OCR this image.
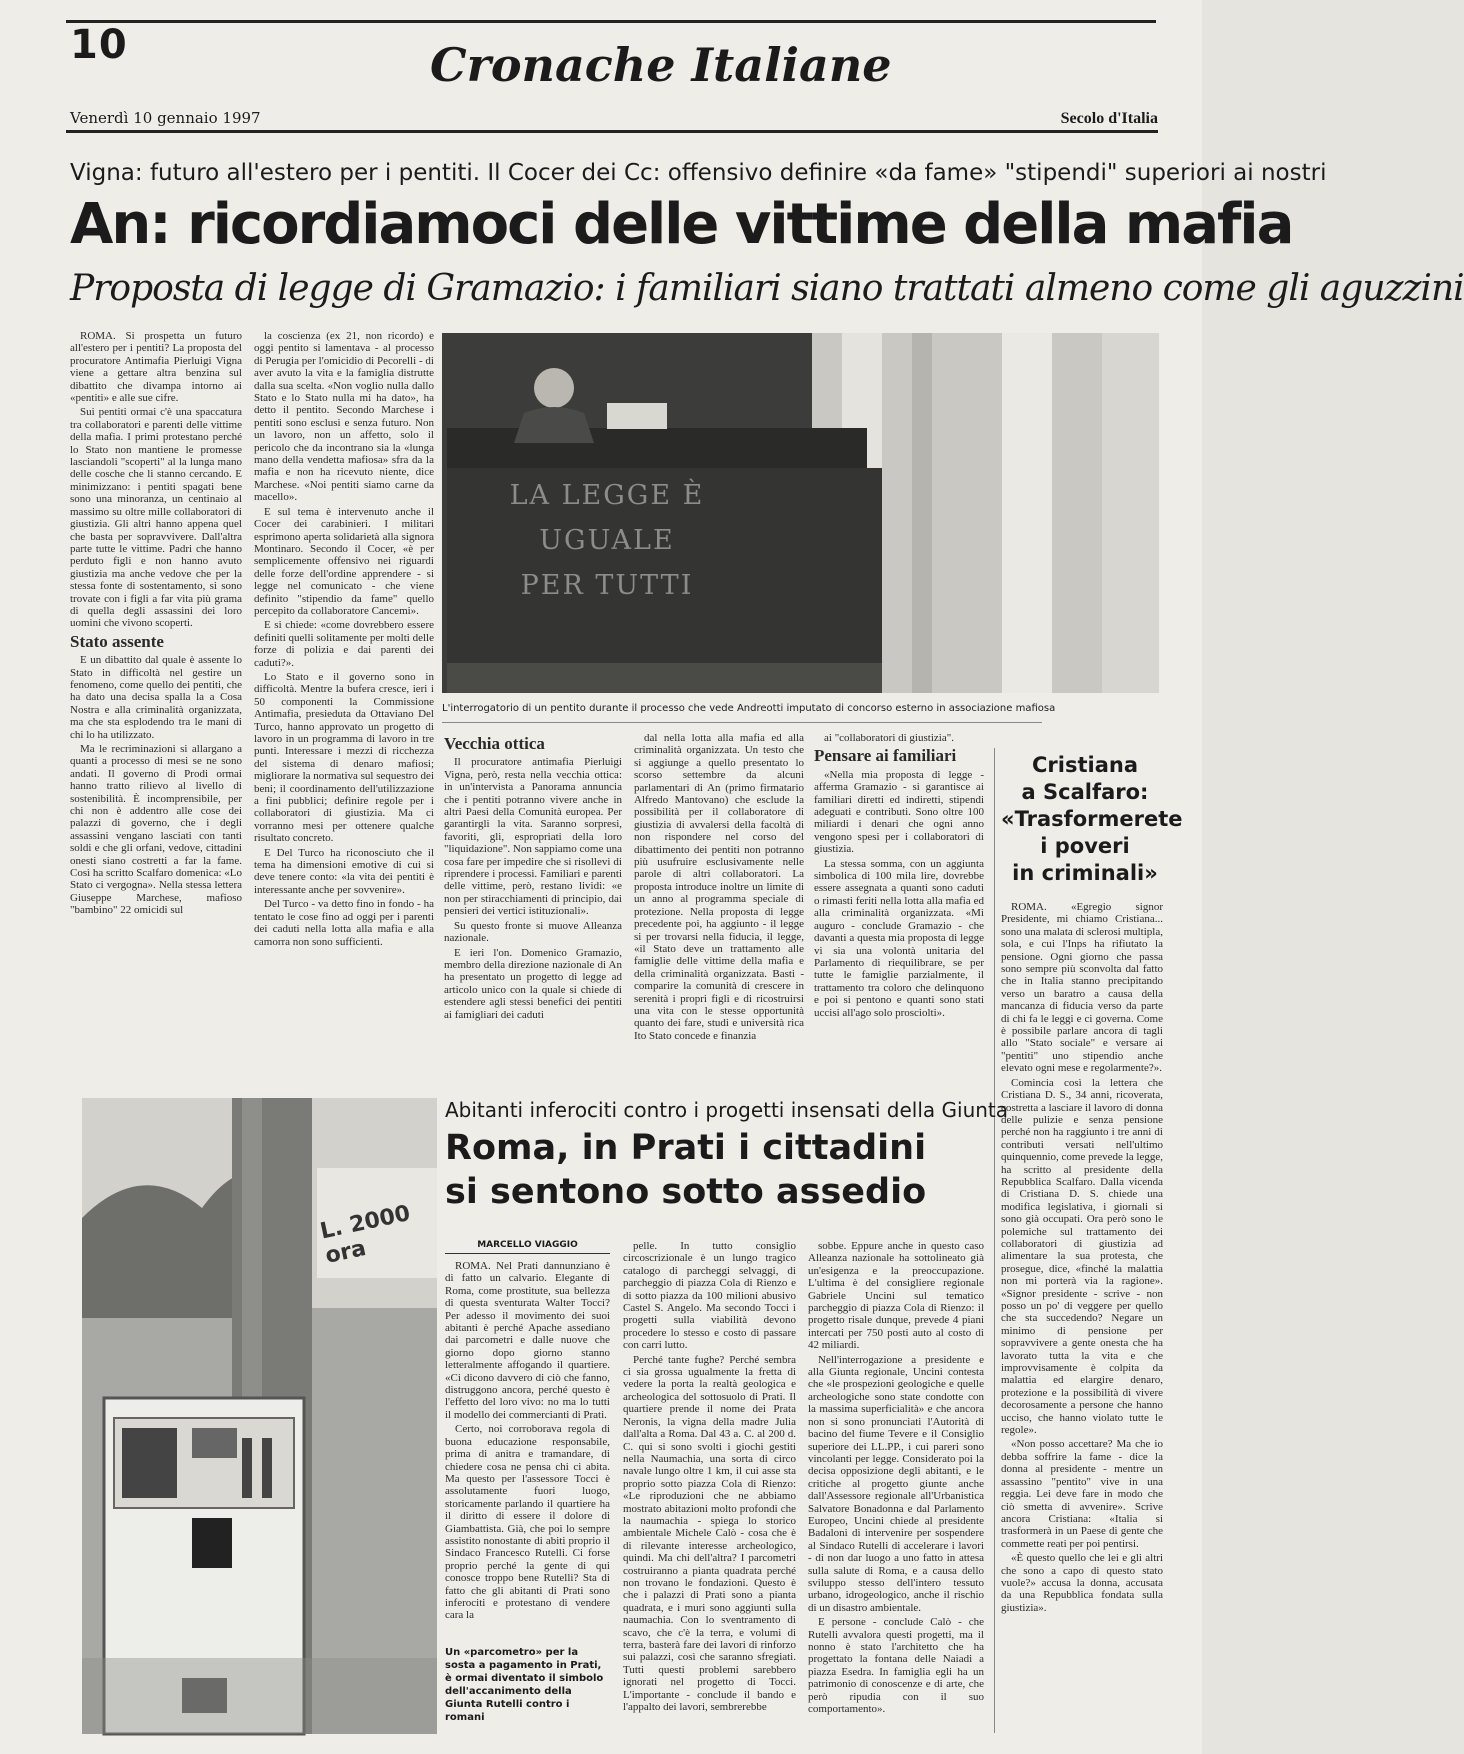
10	Cronache Italiane
Venerdì 10 gennaio 1997	Secolo d'Italia
Vigna: futuro all'estero per i pentiti. Il Cocer dei Cc: offensivo definire «da fame» "stipendi" superiori ai nostri
An: ricordiamoci delle vittime della mafia
Proposta di legge di Gramazio: i familiari siano trattati almeno come gli aguzzini

ROMA. Si prospetta un futuro all'estero per i pentiti? La proposta del procuratore Antimafia Pierluigi Vigna viene a gettare altra benzina sul dibattito che divampa intorno ai «pentiti» e alle sue cifre.

Sui pentiti ormai c'è una spaccatura tra collaboratori e parenti delle vittime della mafia. I primi protestano perché lo Stato non mantiene le promesse lasciandoli "scoperti" al la lunga mano delle cosche che li stanno cercando. E minimizzano: i pentiti spagati bene sono una minoranza, un centinaio al massimo su oltre mille collaboratori di giustizia. Gli altri hanno appena quel che basta per sopravvivere. Dall'altra parte tutte le vittime. Padri che hanno perduto figli e non hanno avuto giustizia ma anche vedove che per la stessa fonte di sostentamento, si sono trovate con i figli a far vita più grama di quella degli assassini dei loro uomini che vivono scoperti.

Stato assente

E un dibattito dal quale è assente lo Stato in difficoltà nel gestire un fenomeno, come quello dei pentiti, che ha dato una decisa spalla la a Cosa Nostra e alla criminalità organizzata, ma che sta esplodendo tra le mani di chi lo ha utilizzato.

Ma le recriminazioni si allargano a quanti a processo di mesi se ne sono andati. Il governo di Prodi ormai hanno tratto rilievo al livello di sostenibilità. È incomprensibile, per chi non è addentro alle cose dei palazzi di governo, che i degli assassini vengano lasciati con tanti soldi e che gli orfani, vedove, cittadini onesti siano costretti a far la fame. Così ha scritto Scalfaro domenica: «Lo Stato ci vergogna». Nella stessa lettera Giuseppe Marchese, mafioso "bambino" 22 omicidi sul

la coscienza (ex 21, non ricordo) e oggi pentito si lamentava - al processo di Perugia per l'omicidio di Pecorelli - di aver avuto la vita e la famiglia distrutte dalla sua scelta. «Non voglio nulla dallo Stato e lo Stato nulla mi ha dato», ha detto il pentito. Secondo Marchese i pentiti sono esclusi e senza futuro. Non un lavoro, non un affetto, solo il pericolo che da incontrano sia la «lunga mano della vendetta mafiosa» sfra da la mafia e non ha ricevuto niente, dice Marchese. «Noi pentiti siamo carne da macello».

E sul tema è intervenuto anche il Cocer dei carabinieri. I militari esprimono aperta solidarietà alla signora Montinaro. Secondo il Cocer, «è per semplicemente offensivo nei riguardi delle forze dell'ordine apprendere - si legge nel comunicato - che viene definito "stipendio da fame" quello percepito da collaboratore Cancemi».

E si chiede: «come dovrebbero essere definiti quelli solitamente per molti delle forze di polizia e dai parenti dei caduti?».

Lo Stato e il governo sono in difficoltà. Mentre la bufera cresce, ieri i 50 componenti la Commissione Antimafia, presieduta da Ottaviano Del Turco, hanno approvato un progetto di lavoro in un programma di lavoro in tre punti. Interessare i mezzi di ricchezza del sistema di denaro mafiosi; migliorare la normativa sul sequestro dei beni; il coordinamento dell'utilizzazione a fini pubblici; definire regole per i collaboratori di giustizia. Ma ci vorranno mesi per ottenere qualche risultato concreto.

E Del Turco ha riconosciuto che il tema ha dimensioni emotive di cui si deve tenere conto: «la vita dei pentiti è interessante anche per sovvenire».

Del Turco - va detto fino in fondo - ha tentato le cose fino ad oggi per i parenti dei caduti nella lotta alla mafia e alla camorra non sono sufficienti.

LA LEGGE È UGUALE PER TUTTI
L'interrogatorio di un pentito durante il processo che vede Andreotti imputato di concorso esterno in associazione mafiosa
Vecchia ottica

Il procuratore antimafia Pierluigi Vigna, però, resta nella vecchia ottica: in un'intervista a Panorama annuncia che i pentiti potranno vivere anche in altri Paesi della Comunità europea. Per garantirgli la vita. Saranno sorpresi, favoriti, gli, espropriati della loro "liquidazione". Non sappiamo come una cosa fare per impedire che si risollevi di riprendere i processi. Familiari e parenti delle vittime, però, restano lividi: «e non per stiracchiamenti di principio, dai pensieri dei vertici istituzionali».

Su questo fronte si muove Alleanza nazionale.

E ieri l'on. Domenico Gramazio, membro della direzione nazionale di An ha presentato un progetto di legge ad articolo unico con la quale si chiede di estendere agli stessi benefici dei pentiti ai famigliari dei caduti

dal nella lotta alla mafia ed alla criminalità organizzata. Un testo che si aggiunge a quello presentato lo scorso settembre da alcuni parlamentari di An (primo firmatario Alfredo Mantovano) che esclude la possibilità per il collaboratore di giustizia di avvalersi della facoltà di non rispondere nel corso del dibattimento dei pentiti non potranno più usufruire esclusivamente nelle parole di altri collaboratori. La proposta introduce inoltre un limite di un anno al programma speciale di protezione. Nella proposta di legge precedente poi, ha aggiunto - il legge si per trovarsi nella fiducia, il legge, «il Stato deve un trattamento alle famiglie delle vittime della mafia e della criminalità organizzata. Basti - comparire la comunità di crescere in serenità i propri figli e di ricostruirsi una vita con le stesse opportunità quanto dei fare, studi e università rica Ito Stato concede e finanzia

ai "collaboratori di giustizia".

Pensare ai familiari

«Nella mia proposta di legge - afferma Gramazio - si garantisce ai familiari diretti ed indiretti, stipendi adeguati e contributi. Sono oltre 100 miliardi i denari che ogni anno vengono spesi per i collaboratori di giustizia.

La stessa somma, con un aggiunta simbolica di 100 mila lire, dovrebbe essere assegnata a quanti sono caduti o rimasti feriti nella lotta alla mafia ed alla criminalità organizzata. «Mi auguro - conclude Gramazio - che davanti a questa mia proposta di legge vi sia una volontà unitaria del Parlamento di riequilibrare, se per tutte le famiglie parzialmente, il trattamento tra coloro che delinquono e poi si pentono e quanti sono stati uccisi all'ago solo prosciolti».

Cristiana
a Scalfaro:
«Trasformerete
i poveri
in criminali»

ROMA. «Egregio signor Presidente, mi chiamo Cristiana... sono una malata di sclerosi multipla, sola, e cui l'Inps ha rifiutato la pensione. Ogni giorno che passa sono sempre più sconvolta dal fatto che in Italia stanno precipitando verso un baratro a causa della mancanza di fiducia verso da parte di chi fa le leggi e ci governa. Come è possibile parlare ancora di tagli allo "Stato sociale" e versare ai "pentiti" uno stipendio anche elevato ogni mese e regolarmente?».

Comincia così la lettera che Cristiana D. S., 34 anni, ricoverata, costretta a lasciare il lavoro di donna delle pulizie e senza pensione perché non ha raggiunto i tre anni di contributi versati nell'ultimo quinquennio, come prevede la legge, ha scritto al presidente della Repubblica Scalfaro. Dalla vicenda di Cristiana D. S. chiede una modifica legislativa, i giornali si sono già occupati. Ora però sono le polemiche sul trattamento dei collaboratori di giustizia ad alimentare la sua protesta, che prosegue, dice, «finché la malattia non mi porterà via la ragione». «Signor presidente - scrive - non posso un po' di veggere per quello che sta succedendo? Negare un minimo di pensione per sopravvivere a gente onesta che ha lavorato tutta la vita e che improvvisamente è colpita da malattia ed elargire denaro, protezione e la possibilità di vivere decorosamente a persone che hanno ucciso, che hanno violato tutte le regole».

«Non posso accettare? Ma che io debba soffrire la fame - dice la donna al presidente - mentre un assassino "pentito" vive in una reggia. Lei deve fare in modo che ciò smetta di avvenire». Scrive ancora Cristiana: «Italia si trasformerà in un Paese di gente che commette reati per poi pentirsi.

«È questo quello che lei e gli altri che sono a capo di questo stato vuole?» accusa la donna, accusata da una Repubblica fondata sulla giustizia».

L. 2000 ora
Abitanti inferociti contro i progetti insensati della Giunta
Roma, in Prati i cittadini
si sentono sotto assedio
MARCELLO VIAGGIO

ROMA. Nel Prati dannunziano è di fatto un calvario. Elegante di Roma, come prostitute, sua bellezza di questa sventurata Walter Tocci? Per adesso il movimento dei suoi abitanti è perché Apache assediano dai parcometri e dalle nuove che giorno dopo giorno stanno letteralmente affogando il quartiere. «Ci dicono davvero di ciò che fanno, distruggono ancora, perché questo è l'effetto del loro vivo: no ma lo tutti il modello dei commercianti di Prati.

Certo, noi corroborava regola di buona educazione responsabile, prima di anitra e tramandare, di chiedere cosa ne pensa chi ci abita. Ma questo per l'assessore Tocci è assolutamente fuori luogo, storicamente parlando il quartiere ha il diritto di essere il dolore di Giambattista. Già, che poi lo sempre assistito nonostante di abiti proprio il Sindaco Francesco Rutelli. Ci forse proprio perché la gente di qui conosce troppo bene Rutelli? Sta di fatto che gli abitanti di Prati sono inferociti e protestano di vendere cara la

Un «parcometro» per la sosta a pagamento in Prati, è ormai diventato il simbolo dell'accanimento della Giunta Rutelli contro i romani

pelle. In tutto consiglio circoscrizionale è un lungo tragico catalogo di parcheggi selvaggi, di parcheggio di piazza Cola di Rienzo e di sotto piazza da 100 milioni abusivo Castel S. Angelo. Ma secondo Tocci i progetti sulla viabilità devono procedere lo stesso e costo di passare con carri lutto.

Perché tante fughe? Perché sembra ci sia grossa ugualmente la fretta di vedere la porta la realtà geologica e archeologica del sottosuolo di Prati. Il quartiere prende il nome dei Prata Neronis, la vigna della madre Julia dall'alta a Roma. Dal 43 a. C. al 200 d. C. qui si sono svolti i giochi gestiti nella Naumachia, una sorta di circo navale lungo oltre 1 km, il cui asse sta proprio sotto piazza Cola di Rienzo: «Le riproduzioni che ne abbiamo mostrato abitazioni molto profondi che la naumachia - spiega lo storico ambientale Michele Calò - cosa che è di rilevante interesse archeologico, quindi. Ma chi dell'altra? I parcometri costruiranno a pianta quadrata perché non trovano le fondazioni. Questo è che i palazzi di Prati sono a pianta quadrata, e i muri sono aggiunti sulla naumachia. Con lo sventramento di scavo, che c'è la terra, e volumi di terra, basterà fare dei lavori di rinforzo sui palazzi, così che saranno sfregiati. Tutti questi problemi sarebbero ignorati nel progetto di Tocci. L'importante - conclude il bando e l'appalto dei lavori, sembrerebbe

sobbe. Eppure anche in questo caso Alleanza nazionale ha sottolineato già un'esigenza e la preoccupazione. L'ultima è del consigliere regionale Gabriele Uncini sul tematico parcheggio di piazza Cola di Rienzo: il progetto risale dunque, prevede 4 piani intercati per 750 posti auto al costo di 42 miliardi.

Nell'interrogazione a presidente e alla Giunta regionale, Uncini contesta che «le prospezioni geologiche e quelle archeologiche sono state condotte con la massima superficialità» e che ancora non si sono pronunciati l'Autorità di bacino del fiume Tevere e il Consiglio superiore dei LL.PP., i cui pareri sono vincolanti per legge. Considerato poi la decisa opposizione degli abitanti, e le critiche al progetto giunte anche dall'Assessore regionale all'Urbanistica Salvatore Bonadonna e dal Parlamento Europeo, Uncini chiede al presidente Badaloni di intervenire per sospendere al Sindaco Rutelli di accelerare i lavori - di non dar luogo a uno fatto in attesa sulla salute di Roma, e a causa dello sviluppo stesso dell'intero tessuto urbano, idrogeologico, anche il rischio di un disastro ambientale.

E persone - conclude Calò - che Rutelli avvalora questi progetti, ma il nonno è stato l'architetto che ha progettato la fontana delle Naiadi a piazza Esedra. In famiglia egli ha un patrimonio di conoscenze e di arte, che però ripudia con il suo comportamento».
